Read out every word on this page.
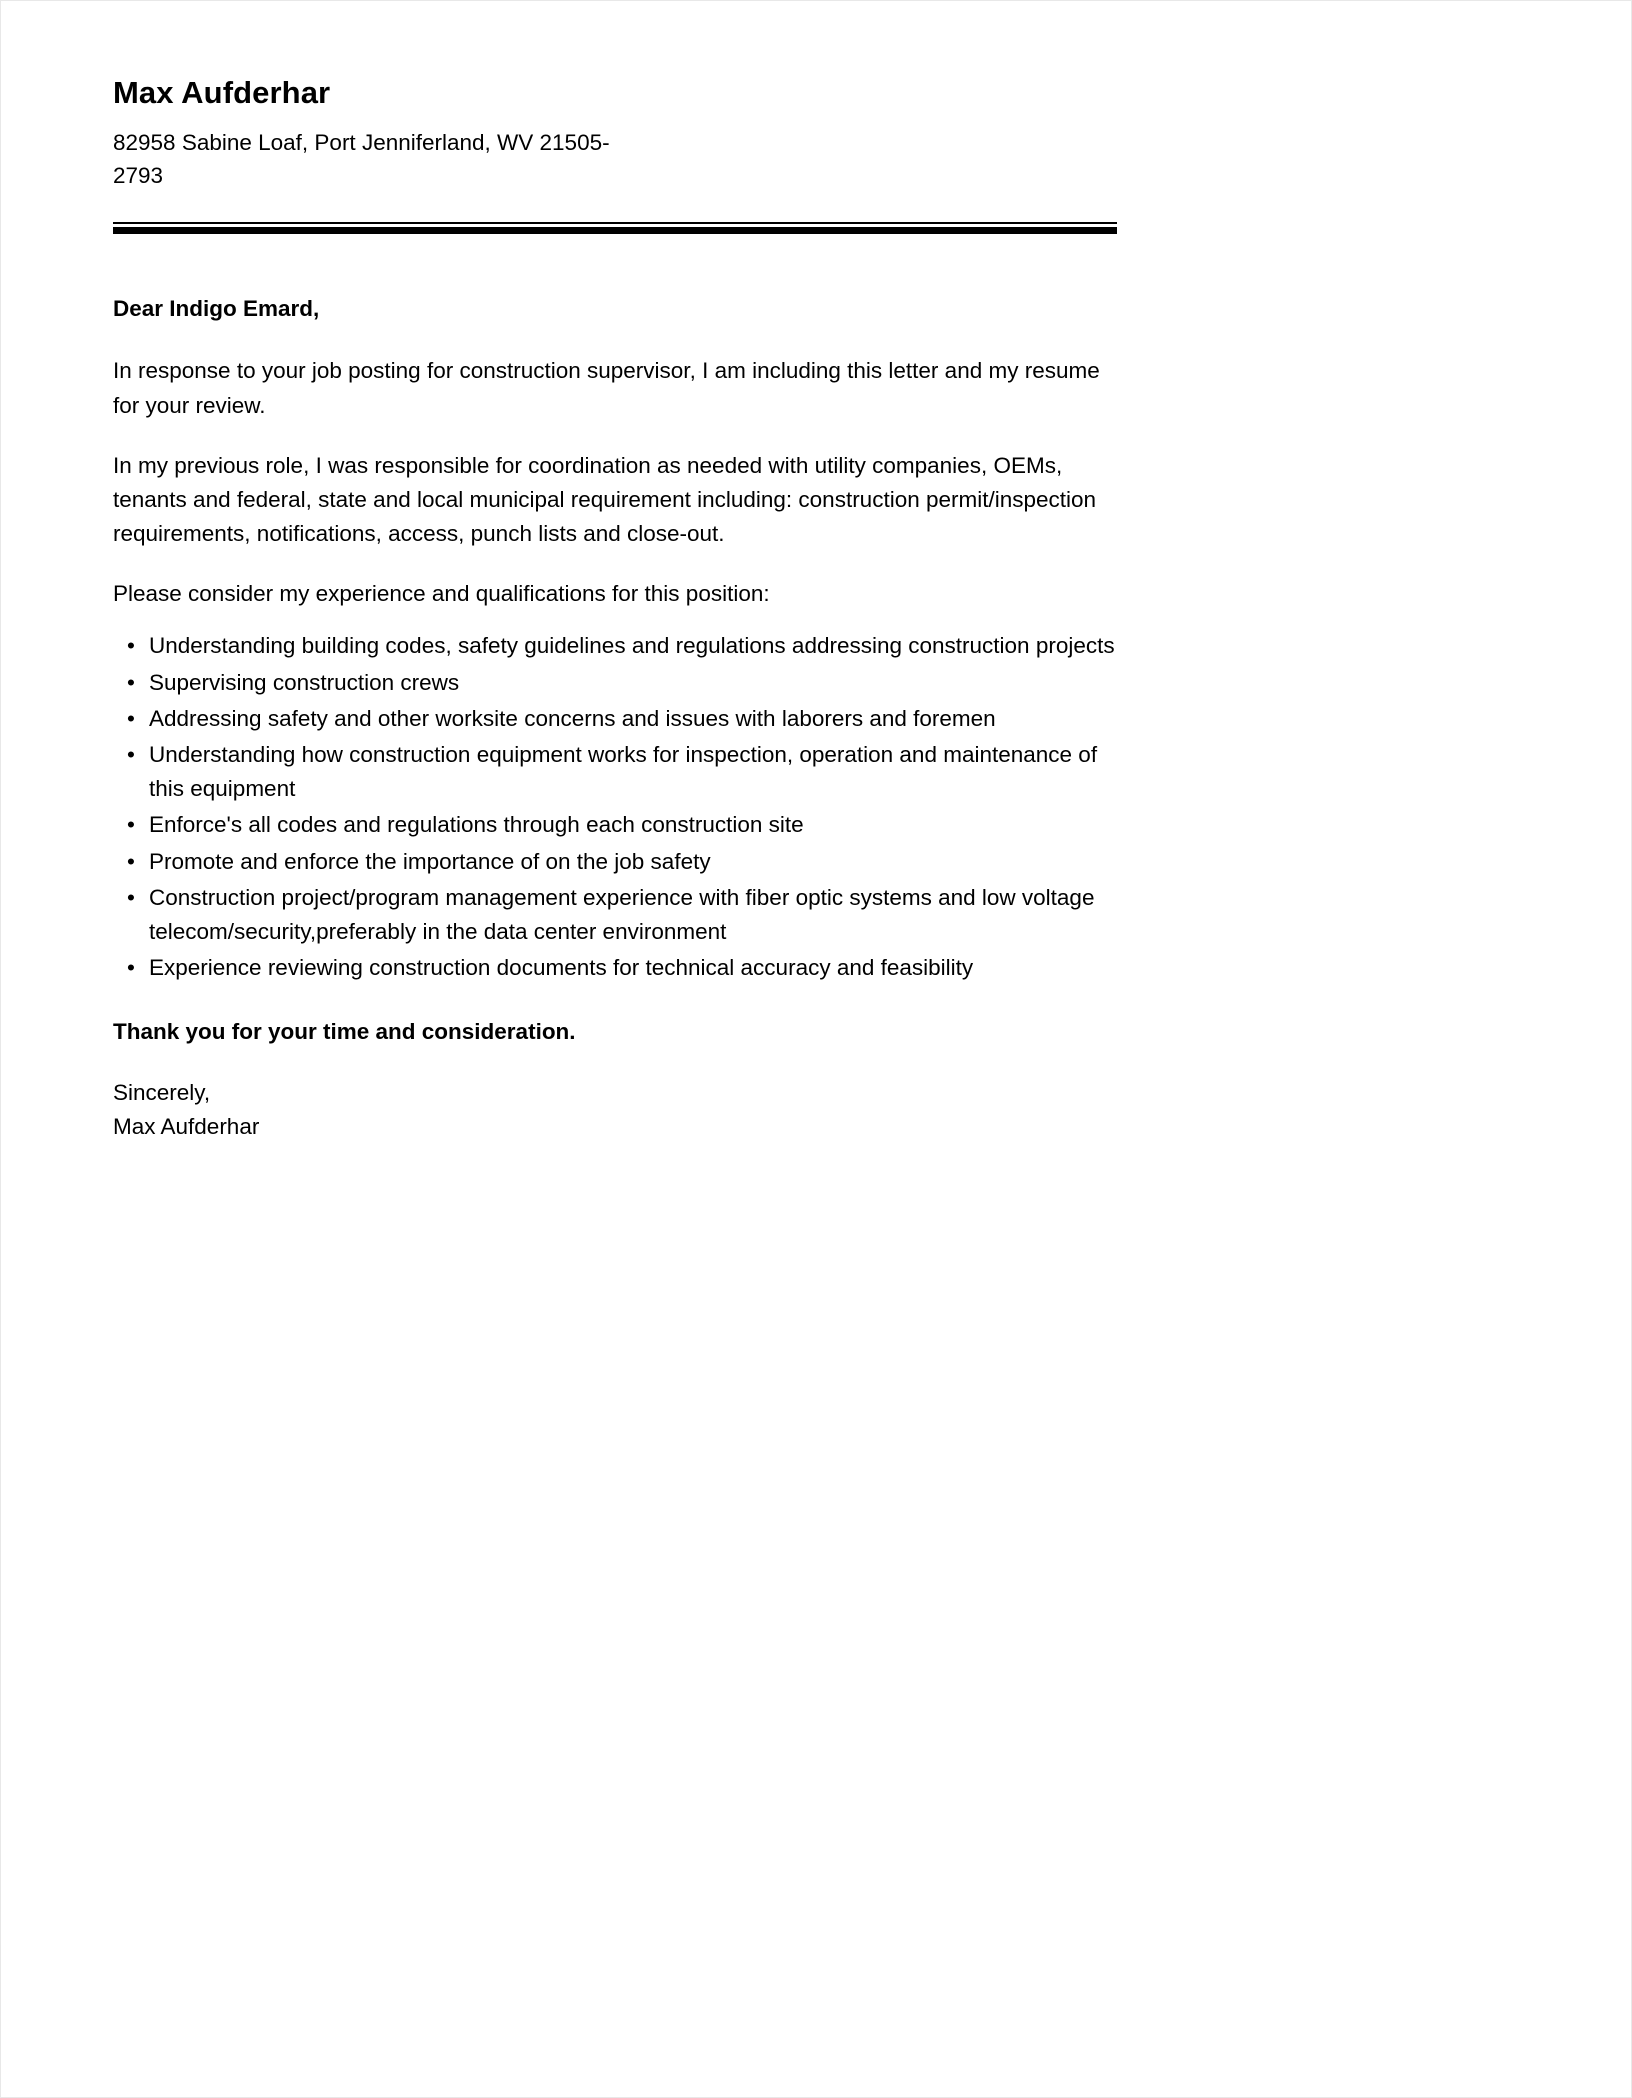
Max Aufderhar

82958 Sabine Loaf, Port Jenniferland, WV 21505-
2793

Dear Indigo Emard,

In response to your job posting for construction supervisor, I am including this letter and my resume for your review.

In my previous role, I was responsible for coordination as needed with utility companies, OEMs, tenants and federal, state and local municipal requirement including: construction permit/inspection requirements, notifications, access, punch lists and close-out.

Please consider my experience and qualifications for this position:

• Understanding building codes, safety guidelines and regulations addressing construction projects
• Supervising construction crews
• Addressing safety and other worksite concerns and issues with laborers and foremen
• Understanding how construction equipment works for inspection, operation and maintenance of this equipment
• Enforce's all codes and regulations through each construction site
• Promote and enforce the importance of on the job safety
• Construction project/program management experience with fiber optic systems and low voltage telecom/security,preferably in the data center environment
• Experience reviewing construction documents for technical accuracy and feasibility

Thank you for your time and consideration.

Sincerely,
Max Aufderhar
